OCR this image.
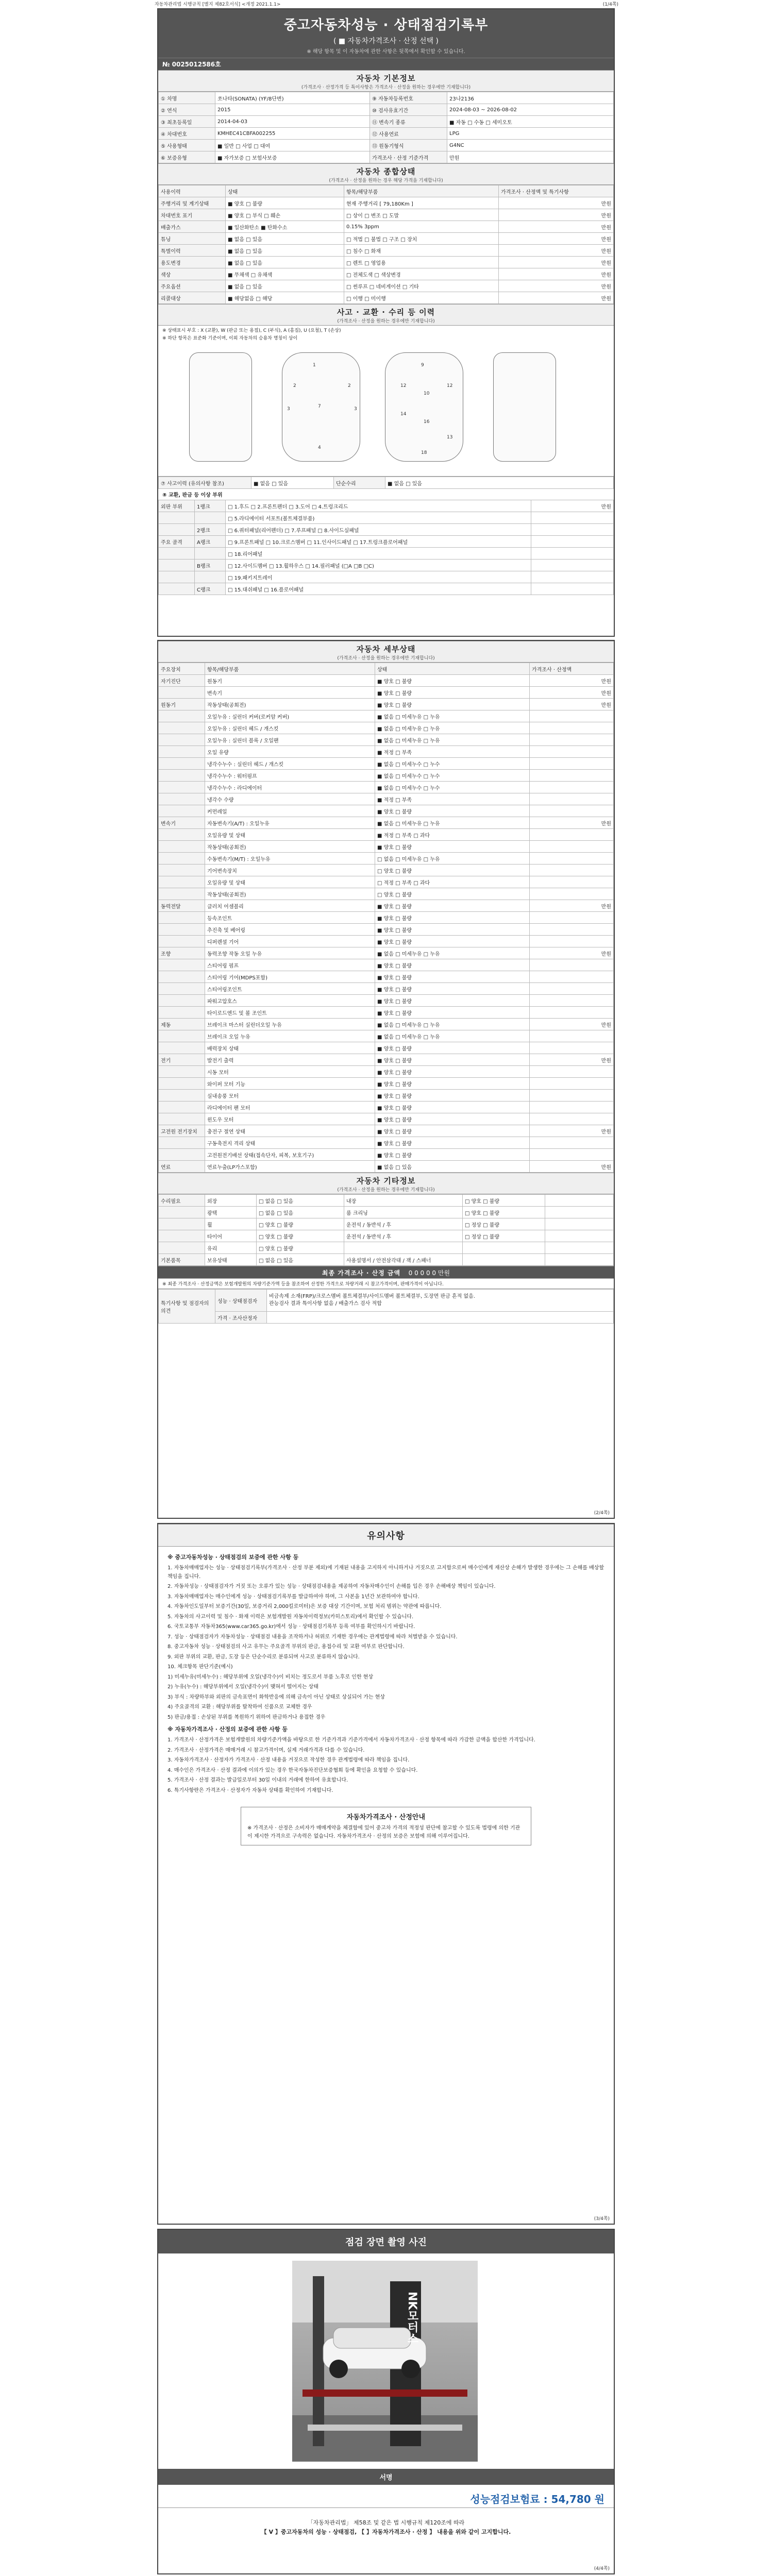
자동차관리법 시행규칙 [별지 제82호서식] <개정 2021.1.1>	(1/4쪽)
중고자동차성능 · 상태점검기록부
( ■ 자동차가격조사 · 산정 선택 )
※ 해당 항목 및 이 자동차에 관한 사항은 뒷쪽에서 확인할 수 있습니다.
№ 0025012586호
자동차 기본정보
(가격조사 · 산정가격 등 특이사항은 가격조사 · 산정을 원하는 경우에만 기재합니다)
① 차명	쏘나타(SONATA) (YF/8단변)	⑨ 자동차등록번호	23나2136
② 연식	2015	⑩ 검사유효기간	2024-08-03 ~ 2026-08-02
③ 최초등록일	2014-04-03	⑪ 변속기 종류	■ 자동 □ 수동 □ 세미오토
④ 차대번호	KMHEC41CBFA002255	⑫ 사용연료	LPG
⑤ 사용형태	■ 일반 □ 사업 □ 대여	⑬ 원동기형식	G4NC
⑥ 보증유형	■ 자가보증 □ 보험사보증	가격조사 · 산정 기준가격	만원
자동차 종합상태
(가격조사 · 산정을 원하는 경우 해당 가격을 기재합니다)
사용이력	상태	항목/해당부품	가격조사 · 산정액 및 특기사항
주행거리 및 계기상태	■ 양호 □ 불량	현재 주행거리 [ 79,180Km ]	만원
차대번호 표기	■ 양호 □ 부식 □ 훼손	□ 상이 □ 변조 □ 도말	만원
배출가스	■ 일산화탄소 ■ 탄화수소	0.15% 3ppm	만원
튜닝	■ 없음 □ 있음	□ 적법 □ 불법 □ 구조 □ 장치	만원
특별이력	■ 없음 □ 있음	□ 침수 □ 화재	만원
용도변경	■ 없음 □ 있음	□ 렌트 □ 영업용	만원
색상	■ 무채색 □ 유채색	□ 전체도색 □ 색상변경	만원
주요옵션	■ 없음 □ 있음	□ 썬루프 □ 네비게이션 □ 기타	만원
리콜대상	■ 해당없음 □ 해당	□ 이행 □ 미이행	만원
사고 · 교환 · 수리 등 이력
(가격조사 · 산정을 원하는 경우에만 기재합니다)
※ 상태표시 부호 : X (교환), W (판금 또는 용접), C (부식), A (흠집), U (요철), T (손상)
※ 하단 항목은 표준화 기준이며, 이외 자동차의 승용차 명칭이 상이
1
2	2
3	3
7
4
9
12	12
10
14
16
13
18
⑦ 사고이력 (유의사항 참조)	■ 없음 □ 있음	단순수리	■ 없음 □ 있음
⑧ 교환, 판금 등 이상 부위
외판 부위	1랭크	□ 1.후드 □ 2.프론트펜더 □ 3.도어 □ 4.트렁크리드	만원
		□ 5.라디에이터 서포트(볼트체결부품)	
	2랭크	□ 6.쿼터패널(리어펜더) □ 7.루프패널 □ 8.사이드실패널	
주요 골격	A랭크	□ 9.프론트패널 □ 10.크로스멤버 □ 11.인사이드패널 □ 17.트렁크플로어패널	
		□ 18.리어패널	
	B랭크	□ 12.사이드멤버 □ 13.휠하우스 □ 14.필러패널 (□A □B □C)	
		□ 19.패키지트레이	
	C랭크	□ 15.대쉬패널 □ 16.플로어패널	
자동차 세부상태
(가격조사 · 산정을 원하는 경우에만 기재합니다)
주요장치	항목/해당부품	상태	가격조사 · 산정액
자기진단	원동기	■ 양호 □ 불량	만원
	변속기	■ 양호 □ 불량	만원
원동기	작동상태(공회전)	■ 양호 □ 불량	만원
	오일누유 : 실린더 커버(로커암 커버)	■ 없음 □ 미세누유 □ 누유	
	오일누유 : 실린더 헤드 / 개스킷	■ 없음 □ 미세누유 □ 누유	
	오일누유 : 실린더 블록 / 오일팬	■ 없음 □ 미세누유 □ 누유	
	오일 유량	■ 적정 □ 부족	
	냉각수누수 : 실린더 헤드 / 개스킷	■ 없음 □ 미세누수 □ 누수	
	냉각수누수 : 워터펌프	■ 없음 □ 미세누수 □ 누수	
	냉각수누수 : 라디에이터	■ 없음 □ 미세누수 □ 누수	
	냉각수 수량	■ 적정 □ 부족	
	커먼레일	■ 양호 □ 불량	
변속기	자동변속기(A/T) : 오일누유	■ 없음 □ 미세누유 □ 누유	만원
	오일유량 및 상태	■ 적정 □ 부족 □ 과다	
	작동상태(공회전)	■ 양호 □ 불량	
	수동변속기(M/T) : 오일누유	□ 없음 □ 미세누유 □ 누유	
	기어변속장치	□ 양호 □ 불량	
	오일유량 및 상태	□ 적정 □ 부족 □ 과다	
	작동상태(공회전)	□ 양호 □ 불량	
동력전달	클러치 어셈블리	■ 양호 □ 불량	만원
	등속조인트	■ 양호 □ 불량	
	추진축 및 베어링	■ 양호 □ 불량	
	디퍼렌셜 기어	■ 양호 □ 불량	
조향	동력조향 작동 오일 누유	■ 없음 □ 미세누유 □ 누유	만원
	스티어링 펌프	■ 양호 □ 불량	
	스티어링 기어(MDPS포함)	■ 양호 □ 불량	
	스티어링조인트	■ 양호 □ 불량	
	파워고압호스	■ 양호 □ 불량	
	타이로드엔드 및 볼 조인트	■ 양호 □ 불량	
제동	브레이크 마스터 실린더오일 누유	■ 없음 □ 미세누유 □ 누유	만원
	브레이크 오일 누유	■ 없음 □ 미세누유 □ 누유	
	배력장치 상태	■ 양호 □ 불량	
전기	발전기 출력	■ 양호 □ 불량	만원
	시동 모터	■ 양호 □ 불량	
	와이퍼 모터 기능	■ 양호 □ 불량	
	실내송풍 모터	■ 양호 □ 불량	
	라디에이터 팬 모터	■ 양호 □ 불량	
	윈도우 모터	■ 양호 □ 불량	
고전원 전기장치	충전구 절연 상태	■ 양호 □ 불량	만원
	구동축전지 격리 상태	■ 양호 □ 불량	
	고전원전기배선 상태(접속단자, 피복, 보호기구)	■ 양호 □ 불량	
연료	연료누출(LP가스포함)	■ 없음 □ 있음	만원
자동차 기타정보
(가격조사 · 산정을 원하는 경우에만 기재합니다)
수리필요	외장	□ 없음 □ 있음	내장	□ 양호 □ 불량	
	광택	□ 없음 □ 있음	룸 크리닝	□ 양호 □ 불량	
	휠	□ 양호 □ 불량	운전석 / 동반석 / 후	□ 정상 □ 불량	
	타이어	□ 양호 □ 불량	운전석 / 동반석 / 후	□ 정상 □ 불량	
	유리	□ 양호 □ 불량			
기본품목	보유상태	□ 없음 □ 있음	사용설명서 / 안전삼각대 / 잭 / 스패너		
최종 가격조사 · 산정 금액 0 0 0 0 0 만원
※ 최종 가격조사 · 산정금액은 보험개발원의 차량기준가액 등을 참조하여 산정한 가격으로 차량거래 시 참고가격이며, 판매가격이 아닙니다.
특기사항 및 점검자의 의견	성능 · 상태점검자	비금속제 소재(FRP)/크로스멤버 볼트체결부/사이드멤버 볼트체결부, 도장면 판금 흔적 없음.
관능검사 결과 특이사항 없음 / 배출가스 검사 적합
	가격 · 조사산정자	
(2/4쪽)
유의사항
※ 중고자동차성능 · 상태점검의 보증에 관한 사항 등

1. 자동차매매업자는 성능 · 상태점검기록부(가격조사 · 산정 부분 제외)에 기재된 내용을 고지하지 아니하거나 거짓으로 고지함으로써 매수인에게 재산상 손해가 발생한 경우에는 그 손해를 배상할 책임을 집니다.

2. 자동차성능 · 상태점검자가 거짓 또는 오류가 있는 성능 · 상태점검내용을 제공하여 자동차매수인이 손해를 입은 경우 손해배상 책임이 있습니다.

3. 자동차매매업자는 매수인에게 성능 · 상태점검기록부를 발급하여야 하며, 그 사본을 1년간 보관하여야 합니다.

4. 자동차인도일부터 보증기간(30일, 보증거리 2,000킬로미터)은 보증 대상 기간이며, 보험 처리 범위는 약관에 따릅니다.

5. 자동차의 사고이력 및 침수 · 화재 이력은 보험개발원 자동차이력정보(카히스토리)에서 확인할 수 있습니다.

6. 국토교통부 자동차365(www.car365.go.kr)에서 성능 · 상태점검기록부 등록 여부를 확인하시기 바랍니다.

7. 성능 · 상태점검자가 자동차성능 · 상태점검 내용을 조작하거나 허위로 기재한 경우에는 관계법령에 따라 처벌받을 수 있습니다.

8. 중고자동차 성능 · 상태점검의 사고 유무는 주요골격 부위의 판금, 용접수리 및 교환 여부로 판단합니다.

9. 외판 부위의 교환, 판금, 도장 등은 단순수리로 분류되며 사고로 분류하지 않습니다.

10. 체크항목 판단기준(예시)

1) 미세누유(미세누수) : 해당부위에 오일(냉각수)이 비치는 정도로서 부품 노후로 인한 현상

2) 누유(누수) : 해당부위에서 오일(냉각수)이 맺혀서 떨어지는 상태

3) 부식 : 차량하부와 외판의 금속표면이 화학반응에 의해 금속이 아닌 상태로 상실되어 가는 현상

4) 주요골격의 교환 : 해당부위를 탈착하여 신품으로 교체한 경우

5) 판금/용접 : 손상된 부위를 복원하기 위하여 판금하거나 용접한 경우

※ 자동차가격조사 · 산정의 보증에 관한 사항 등

1. 가격조사 · 산정가격은 보험개발원의 차량기준가액을 바탕으로 한 기준가격과 기준가격에서 자동차가격조사 · 산정 항목에 따라 가감한 금액을 합산한 가격입니다.

2. 가격조사 · 산정가격은 매매거래 시 참고가격이며, 실제 거래가격과 다를 수 있습니다.

3. 자동차가격조사 · 산정자가 가격조사 · 산정 내용을 거짓으로 작성한 경우 관계법령에 따라 책임을 집니다.

4. 매수인은 가격조사 · 산정 결과에 이의가 있는 경우 한국자동차진단보증협회 등에 확인을 요청할 수 있습니다.

5. 가격조사 · 산정 결과는 발급일로부터 30일 이내의 거래에 한하여 유효합니다.

6. 특기사항란은 가격조사 · 산정자가 자동차 상태를 확인하여 기재합니다.

자동차가격조사 · 산정안내
※ 가격조사 · 산정은 소비자가 매매계약을 체결함에 있어 중고차 가격의 적정성 판단에 참고할 수 있도록 법령에 의한 기관이 제시한 가격으로 구속력은 없습니다. 자동차가격조사 · 산정의 보증은 보험에 의해 이루어집니다.
(3/4쪽)
점검 장면 촬영 사진
NK모터스
서명
성능점검보험료 : 54,780 원
「자동차관리법」 제58조 및 같은 법 시행규칙 제120조에 따라
【 V 】중고자동차의 성능 · 상태점검, 【 】자동차가격조사 · 산정 】 내용을 위와 같이 고지합니다.
(4/4쪽)
